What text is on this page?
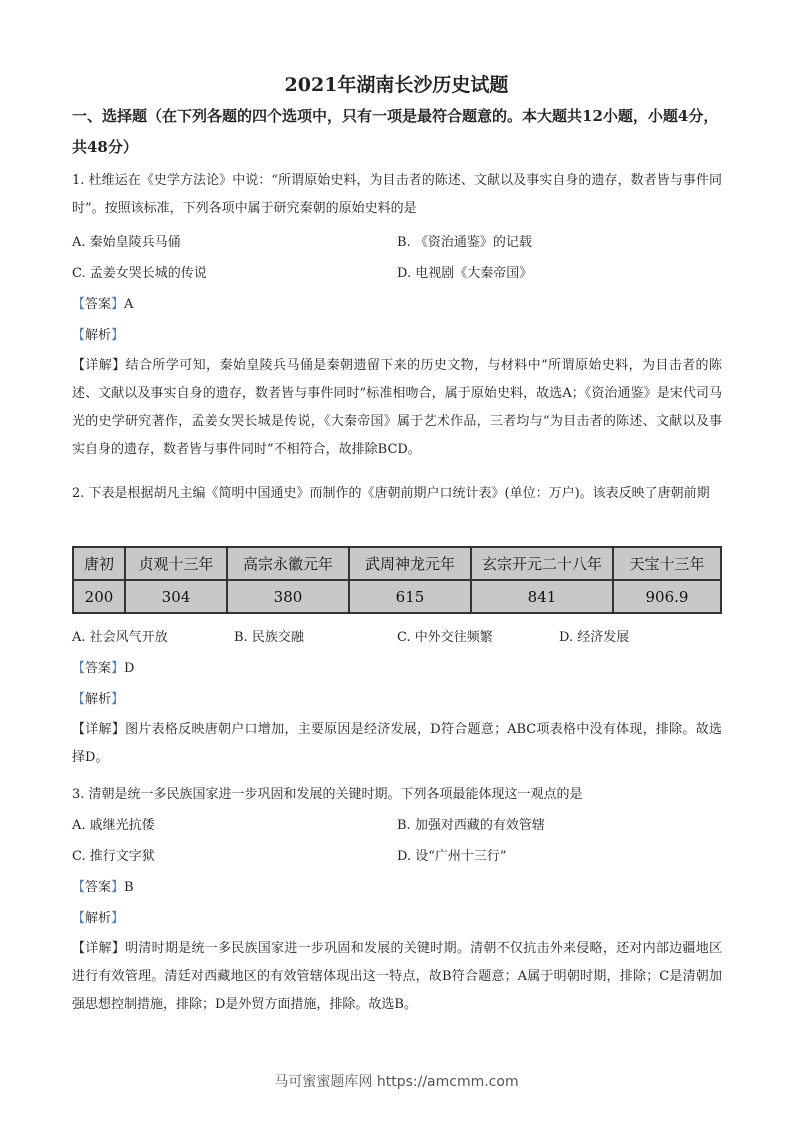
2021年湖南长沙历史试题
一、选择题（在下列各题的四个选项中，只有一项是最符合题意的。本大题共12小题，小题4分，共48分）
1. 杜维运在《史学方法论》中说：“所谓原始史料，为目击者的陈述、文献以及事实自身的遗存，数者皆与事件同时”。按照该标准，下列各项中属于研究秦朝的原始史料的是
A. 秦始皇陵兵马俑	B. 《资治通鉴》的记载
C. 孟姜女哭长城的传说	D. 电视剧《大秦帝国》
【答案】A
【解析】
【详解】结合所学可知，秦始皇陵兵马俑是秦朝遗留下来的历史文物，与材料中“所谓原始史料，为目击者的陈述、文献以及事实自身的遗存，数者皆与事件同时”标准相吻合，属于原始史料，故选A；《资治通鉴》是宋代司马光的史学研究著作，孟姜女哭长城是传说，《大秦帝国》属于艺术作品，三者均与“为目击者的陈述、文献以及事实自身的遗存，数者皆与事件同时”不相符合，故排除BCD。
2. 下表是根据胡凡主编《简明中国通史》而制作的《唐朝前期户口统计表》(单位：万户)。该表反映了唐朝前期
唐初	贞观十三年	高宗永徽元年	武周神龙元年	玄宗开元二十八年	天宝十三年
200	304	380	615	841	906.9
A. 社会风气开放	B. 民族交融	C. 中外交往频繁	D. 经济发展
【答案】D
【解析】
【详解】图片表格反映唐朝户口增加，主要原因是经济发展，D符合题意；ABC项表格中没有体现，排除。故选择D。
3. 清朝是统一多民族国家进一步巩固和发展的关键时期。下列各项最能体现这一观点的是
A. 戚继光抗倭	B. 加强对西藏的有效管辖
C. 推行文字狱	D. 设“广州十三行”
【答案】B
【解析】
【详解】明清时期是统一多民族国家进一步巩固和发展的关键时期。清朝不仅抗击外来侵略，还对内部边疆地区进行有效管理。清廷对西藏地区的有效管辖体现出这一特点，故B符合题意；A属于明朝时期，排除；C是清朝加强思想控制措施，排除；D是外贸方面措施，排除。故选B。
马可蜜蜜题库网 https://amcmm.com
